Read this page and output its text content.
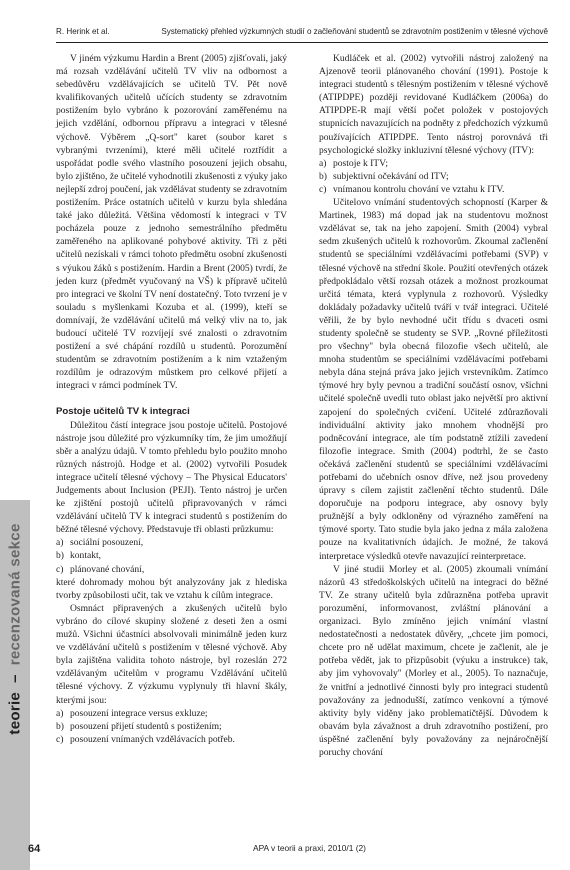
R. Herink et al.	Systematický přehled výzkumných studií o začleňování studentů se zdravotním postižením v tělesné výchově
teorie–recenzovaná sekce

V jiném výzkumu Hardin a Brent (2005) zjišťovali, jaký má rozsah vzdělávání učitelů TV vliv na odbornost a sebedůvěru vzdělávajících se učitelů TV. Pět nově kvalifikovaných učitelů učících studenty se zdravotním postižením bylo vybráno k pozorování zaměřenému na jejich vzdělání, odbornou přípravu a integraci v tělesné výchově. Výběrem „Q-sort" karet (soubor karet s vybranými tvrzeními), které měli učitelé roztřídit a uspořádat podle svého vlastního posouzení jejich obsahu, bylo zjištěno, že učitelé vyhodnotili zkušenosti z výuky jako nejlepší zdroj poučení, jak vzdělávat studenty se zdravotním postižením. Práce ostatních učitelů v kurzu byla shledána také jako důležitá. Většina vědomostí k integraci v TV pocházela pouze z jednoho semestrálního předmětu zaměřeného na aplikované pohybové aktivity. Tři z pěti učitelů nezískali v rámci tohoto předmětu osobní zkušenosti s výukou žáků s postižením. Hardin a Brent (2005) tvrdí, že jeden kurz (předmět vyučovaný na VŠ) k přípravě učitelů pro integraci ve školní TV není dostatečný. Toto tvrzení je v souladu s myšlenkami Kozuba et al. (1999), kteří se domnívají, že vzdělávání učitelů má velký vliv na to, jak budoucí učitelé TV rozvíjejí své znalosti o zdravotním postižení a své chápání rozdílů u studentů. Porozumění studentům se zdravotním postižením a k nim vztaženým rozdílům je odrazovým můstkem pro celkové přijetí a integraci v rámci podmínek TV.

Postoje učitelů TV k integraci

Důležitou částí integrace jsou postoje učitelů. Postojové nástroje jsou důležité pro výzkumníky tím, že jim umožňují sběr a analýzu údajů. V tomto přehledu bylo použito mnoho různých nástrojů. Hodge et al. (2002) vytvořili Posudek integrace učitelí tělesné výchovy – The Physical Educators' Judgements about Inclusion (PEJI). Tento nástroj je určen ke zjištění postojů učitelů připravovaných v rámci vzdělávání učitelů TV k integraci studentů s postižením do běžné tělesné výchovy. Představuje tři oblasti průzkumu:

a) sociální posouzení,
b) kontakt,
c) plánované chování,

které dohromady mohou být analyzovány jak z hlediska tvorby způsobilosti učit, tak ve vztahu k cílům integrace.

Osmnáct připravených a zkušených učitelů bylo vybráno do cílové skupiny složené z deseti žen a osmi mužů. Všichni účastníci absolvovali minimálně jeden kurz ve vzdělávání učitelů s postižením v tělesné výchově. Aby byla zajištěna validita tohoto nástroje, byl rozeslán 272 vzdělávaným učitelům v programu Vzdělávání učitelů tělesné výchovy. Z výzkumu vyplynuly tři hlavní škály, kterými jsou:

a) posouzení integrace versus exkluze;
b) posouzení přijetí studentů s postižením;
c) posouzení vnímaných vzdělávacích potřeb.

Kudláček et al. (2002) vytvořili nástroj založený na Ajzenově teorii plánovaného chování (1991). Postoje k integraci studentů s tělesným postižením v tělesné výchově (ATIPDPE) později revidované Kudláčkem (2006a) do ATIPDPE-R mají větší počet položek v postojových stupnicích navazujících na podněty z předchozích výzkumů používajících ATIPDPE. Tento nástroj porovnává tři psychologické složky inkluzivní tělesné výchovy (ITV):

a) postoje k ITV;
b) subjektivní očekávání od ITV;
c) vnímanou kontrolu chování ve vztahu k ITV.

Učitelovo vnímání studentových schopností (Karper & Martinek, 1983) má dopad jak na studentovu možnost vzdělávat se, tak na jeho zapojení. Smith (2004) vybral sedm zkušených učitelů k rozhovorům. Zkoumal začlenění studentů se speciálními vzdělávacími potřebami (SVP) v tělesné výchově na střední škole. Použití otevřených otázek předpokládalo větší rozsah otázek a možnost prozkoumat určitá témata, která vyplynula z rozhovorů. Výsledky dokládaly požadavky učitelů tváří v tvář integraci. Učitelé věřili, že by bylo nevhodné učit třídu s dvaceti osmi studenty společně se studenty se SVP. „Rovné příležitosti pro všechny" byla obecná filozofie všech učitelů, ale mnoha studentům se speciálními vzdělávacími potřebami nebyla dána stejná práva jako jejich vrstevníkům. Zatímco týmové hry byly pevnou a tradiční součástí osnov, všichni učitelé společně uvedli tuto oblast jako největší pro aktivní zapojení do společných cvičení. Učitelé zdůrazňovali individuální aktivity jako mnohem vhodnější pro podněcování integrace, ale tím podstatně ztížili zavedení filozofie integrace. Smith (2004) podtrhl, že se často očekává začlenění studentů se speciálními vzdělávacími potřebami do učebních osnov dříve, než jsou provedeny úpravy s cílem zajistit začlenění těchto studentů. Dále doporučuje na podporu integrace, aby osnovy byly pružnější a byly odkloněny od výrazného zaměření na týmové sporty. Tato studie byla jako jedna z mála založena pouze na kvalitativních údajích. Je možné, že taková interpretace výsledků otevře navazující reinterpretace.

V jiné studii Morley et al. (2005) zkoumali vnímání názorů 43 středoškolských učitelů na integraci do běžné TV. Ze strany učitelů byla zdůrazněna potřeba upravit porozumění, informovanost, zvláštní plánování a organizaci. Bylo zmíněno jejich vnímání vlastní nedostatečnosti a nedostatek důvěry, „chcete jim pomoci, chcete pro ně udělat maximum, chcete je začlenit, ale je potřeba vědět, jak to přizpůsobit (výuku a instrukce) tak, aby jim vyhovovaly" (Morley et al., 2005). To naznačuje, že vnitřní a jednotlivé činnosti byly pro integraci studentů považovány za jednodušší, zatímco venkovní a týmové aktivity byly viděny jako problematičtější. Důvodem k obavám byla závažnost a druh zdravotního postižení, pro úspěšné začlenění byly považovány za nejnáročnější poruchy chování

64	APA v teorii a praxi, 2010/1 (2)
